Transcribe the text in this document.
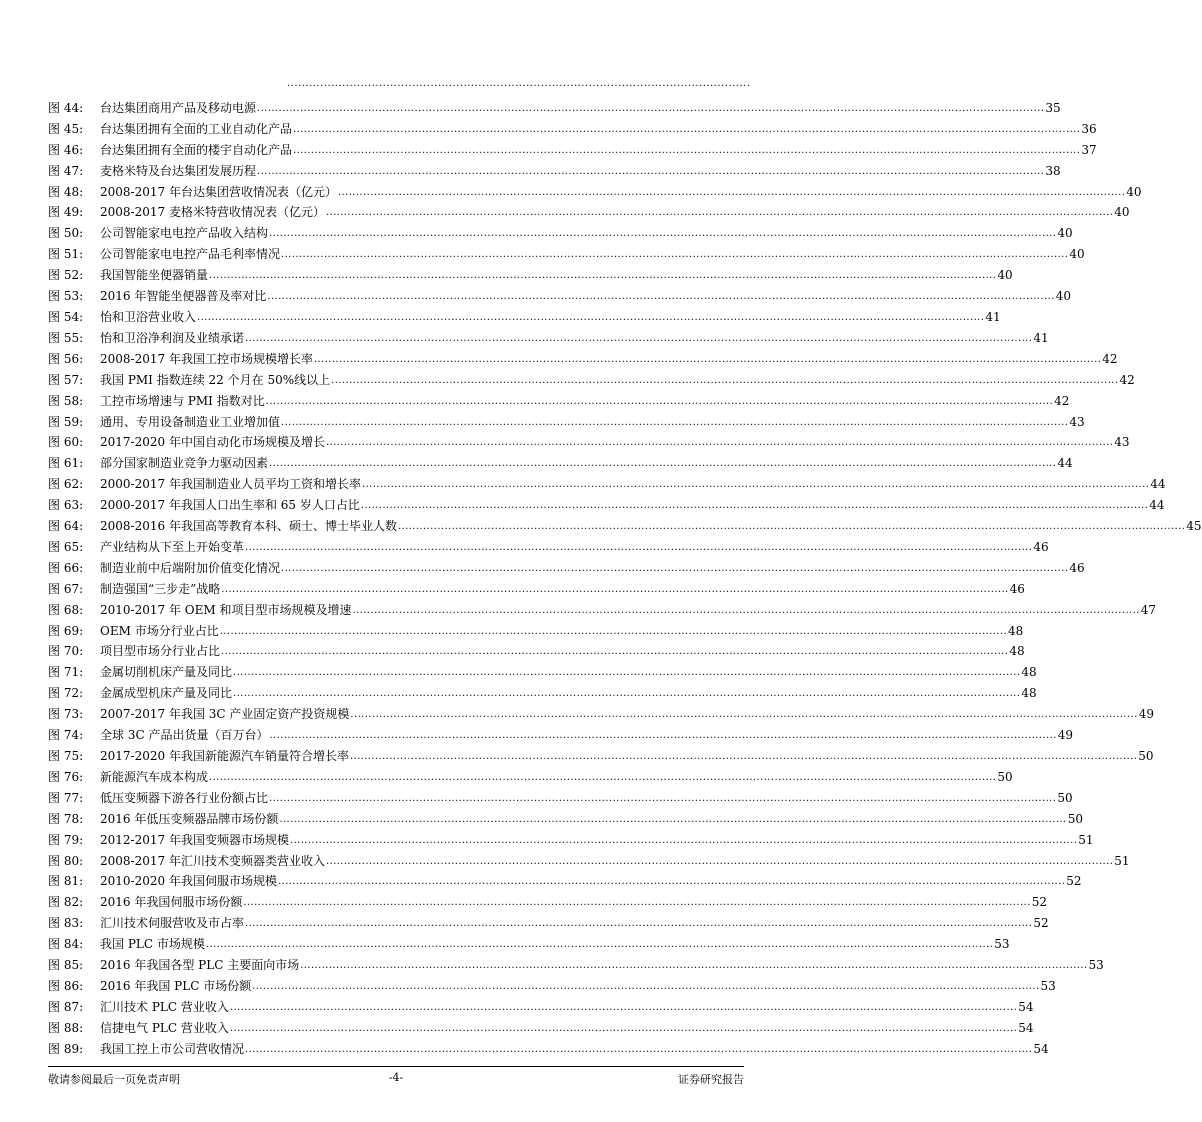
..............................................................................................................................
图 44:	台达集团商用产品及移动电源 ............................................................................................................................................................................................................................ 35
图 45:	台达集团拥有全面的工业自动化产品 ............................................................................................................................................................................................................................ 36
图 46:	台达集团拥有全面的楼宇自动化产品 ............................................................................................................................................................................................................................ 37
图 47:	麦格米特及台达集团发展历程 ............................................................................................................................................................................................................................ 38
图 48:	2008-2017 年台达集团营收情况表（亿元） ............................................................................................................................................................................................................................ 40
图 49:	2008-2017 麦格米特营收情况表（亿元） ............................................................................................................................................................................................................................ 40
图 50:	公司智能家电电控产品收入结构 ............................................................................................................................................................................................................................ 40
图 51:	公司智能家电电控产品毛利率情况 ............................................................................................................................................................................................................................ 40
图 52:	我国智能坐便器销量 ............................................................................................................................................................................................................................ 40
图 53:	2016 年智能坐便器普及率对比 ............................................................................................................................................................................................................................ 40
图 54:	怡和卫浴营业收入 ............................................................................................................................................................................................................................ 41
图 55:	怡和卫浴净利润及业绩承诺 ............................................................................................................................................................................................................................ 41
图 56:	2008-2017 年我国工控市场规模增长率 ............................................................................................................................................................................................................................ 42
图 57:	我国 PMI 指数连续 22 个月在 50%线以上 ............................................................................................................................................................................................................................ 42
图 58:	工控市场增速与 PMI 指数对比 ............................................................................................................................................................................................................................ 42
图 59:	通用、专用设备制造业工业增加值 ............................................................................................................................................................................................................................ 43
图 60:	2017-2020 年中国自动化市场规模及增长 ............................................................................................................................................................................................................................ 43
图 61:	部分国家制造业竞争力驱动因素 ............................................................................................................................................................................................................................ 44
图 62:	2000-2017 年我国制造业人员平均工资和增长率 ............................................................................................................................................................................................................................ 44
图 63:	2000-2017 年我国人口出生率和 65 岁人口占比 ............................................................................................................................................................................................................................ 44
图 64:	2008-2016 年我国高等教育本科、硕士、博士毕业人数 ............................................................................................................................................................................................................................ 45
图 65:	产业结构从下至上开始变革 ............................................................................................................................................................................................................................ 46
图 66:	制造业前中后端附加价值变化情况 ............................................................................................................................................................................................................................ 46
图 67:	制造强国“三步走”战略 ............................................................................................................................................................................................................................ 46
图 68:	2010-2017 年 OEM 和项目型市场规模及增速 ............................................................................................................................................................................................................................ 47
图 69:	OEM 市场分行业占比 ............................................................................................................................................................................................................................ 48
图 70:	项目型市场分行业占比 ............................................................................................................................................................................................................................ 48
图 71:	金属切削机床产量及同比 ............................................................................................................................................................................................................................ 48
图 72:	金属成型机床产量及同比 ............................................................................................................................................................................................................................ 48
图 73:	2007-2017 年我国 3C 产业固定资产投资规模 ............................................................................................................................................................................................................................ 49
图 74:	全球 3C 产品出货量（百万台） ............................................................................................................................................................................................................................ 49
图 75:	2017-2020 年我国新能源汽车销量符合增长率 ............................................................................................................................................................................................................................ 50
图 76:	新能源汽车成本构成 ............................................................................................................................................................................................................................ 50
图 77:	低压变频器下游各行业份额占比 ............................................................................................................................................................................................................................ 50
图 78:	2016 年低压变频器品牌市场份额 ............................................................................................................................................................................................................................ 50
图 79:	2012-2017 年我国变频器市场规模 ............................................................................................................................................................................................................................ 51
图 80:	2008-2017 年汇川技术变频器类营业收入 ............................................................................................................................................................................................................................ 51
图 81:	2010-2020 年我国伺服市场规模 ............................................................................................................................................................................................................................ 52
图 82:	2016 年我国伺服市场份额 ............................................................................................................................................................................................................................ 52
图 83:	汇川技术伺服营收及市占率 ............................................................................................................................................................................................................................ 52
图 84:	我国 PLC 市场规模 ............................................................................................................................................................................................................................ 53
图 85:	2016 年我国各型 PLC 主要面向市场 ............................................................................................................................................................................................................................ 53
图 86:	2016 年我国 PLC 市场份额 ............................................................................................................................................................................................................................ 53
图 87:	汇川技术 PLC 营业收入 ............................................................................................................................................................................................................................ 54
图 88:	信捷电气 PLC 营业收入 ............................................................................................................................................................................................................................ 54
图 89:	我国工控上市公司营收情况 ............................................................................................................................................................................................................................ 54
敬请参阅最后一页免责声明	-4-	证券研究报告
